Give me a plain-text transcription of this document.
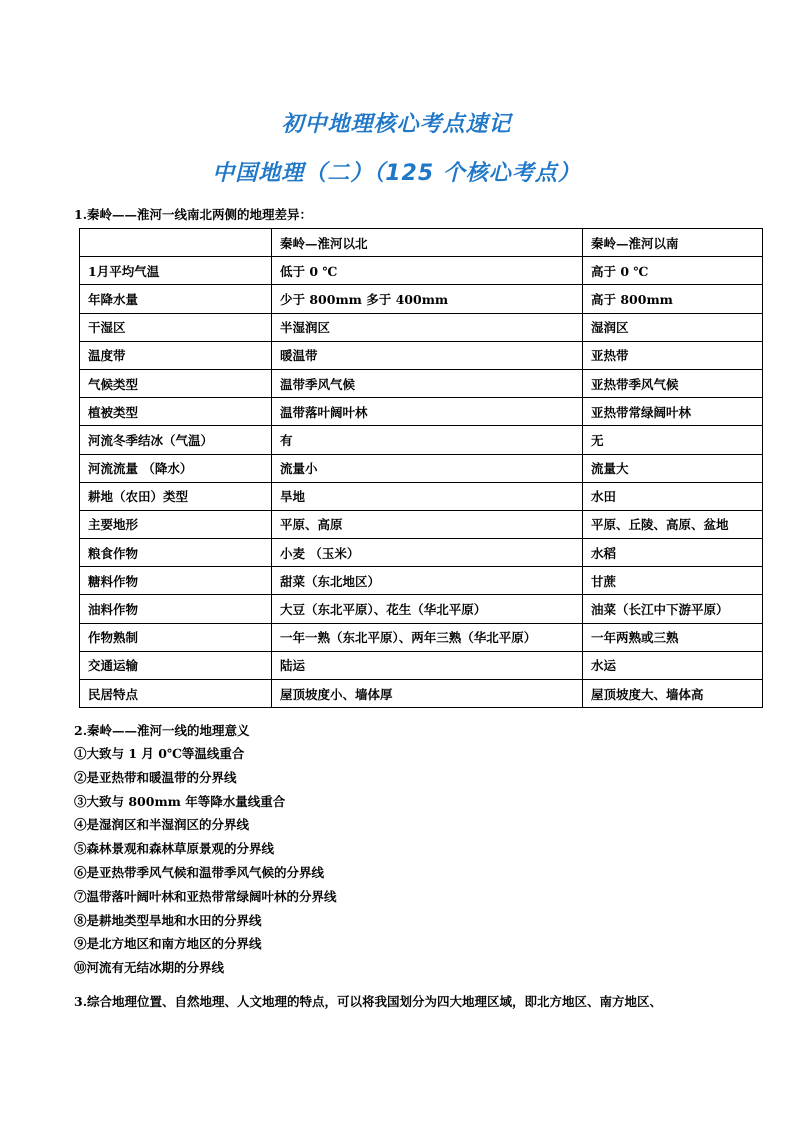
初中地理核心考点速记
中国地理（二）（125 个核心考点）
1.秦岭——淮河一线南北两侧的地理差异：
	秦岭—淮河以北	秦岭—淮河以南
1月平均气温	低于 0 ℃	高于 0 ℃
年降水量	少于 800mm 多于 400mm	高于 800mm
干湿区	半湿润区	湿润区
温度带	暖温带	亚热带
气候类型	温带季风气候	亚热带季风气候
植被类型	温带落叶阔叶林	亚热带常绿阔叶林
河流冬季结冰（气温）	有	无
河流流量 （降水）	流量小	流量大
耕地（农田）类型	旱地	水田
主要地形	平原、高原	平原、丘陵、高原、盆地
粮食作物	小麦 （玉米）	水稻
糖料作物	甜菜（东北地区）	甘蔗
油料作物	大豆（东北平原）、花生（华北平原）	油菜（长江中下游平原）
作物熟制	一年一熟（东北平原）、两年三熟（华北平原）	一年两熟或三熟
交通运输	陆运	水运
民居特点	屋顶坡度小、墙体厚	屋顶坡度大、墙体高
2.秦岭——淮河一线的地理意义
①大致与 1 月 0℃等温线重合
②是亚热带和暖温带的分界线
③大致与 800mm 年等降水量线重合
④是湿润区和半湿润区的分界线
⑤森林景观和森林草原景观的分界线
⑥是亚热带季风气候和温带季风气候的分界线
⑦温带落叶阔叶林和亚热带常绿阔叶林的分界线
⑧是耕地类型旱地和水田的分界线
⑨是北方地区和南方地区的分界线
⑩河流有无结冰期的分界线
3.综合地理位置、自然地理、人文地理的特点，可以将我国划分为四大地理区域，即北方地区、南方地区、
